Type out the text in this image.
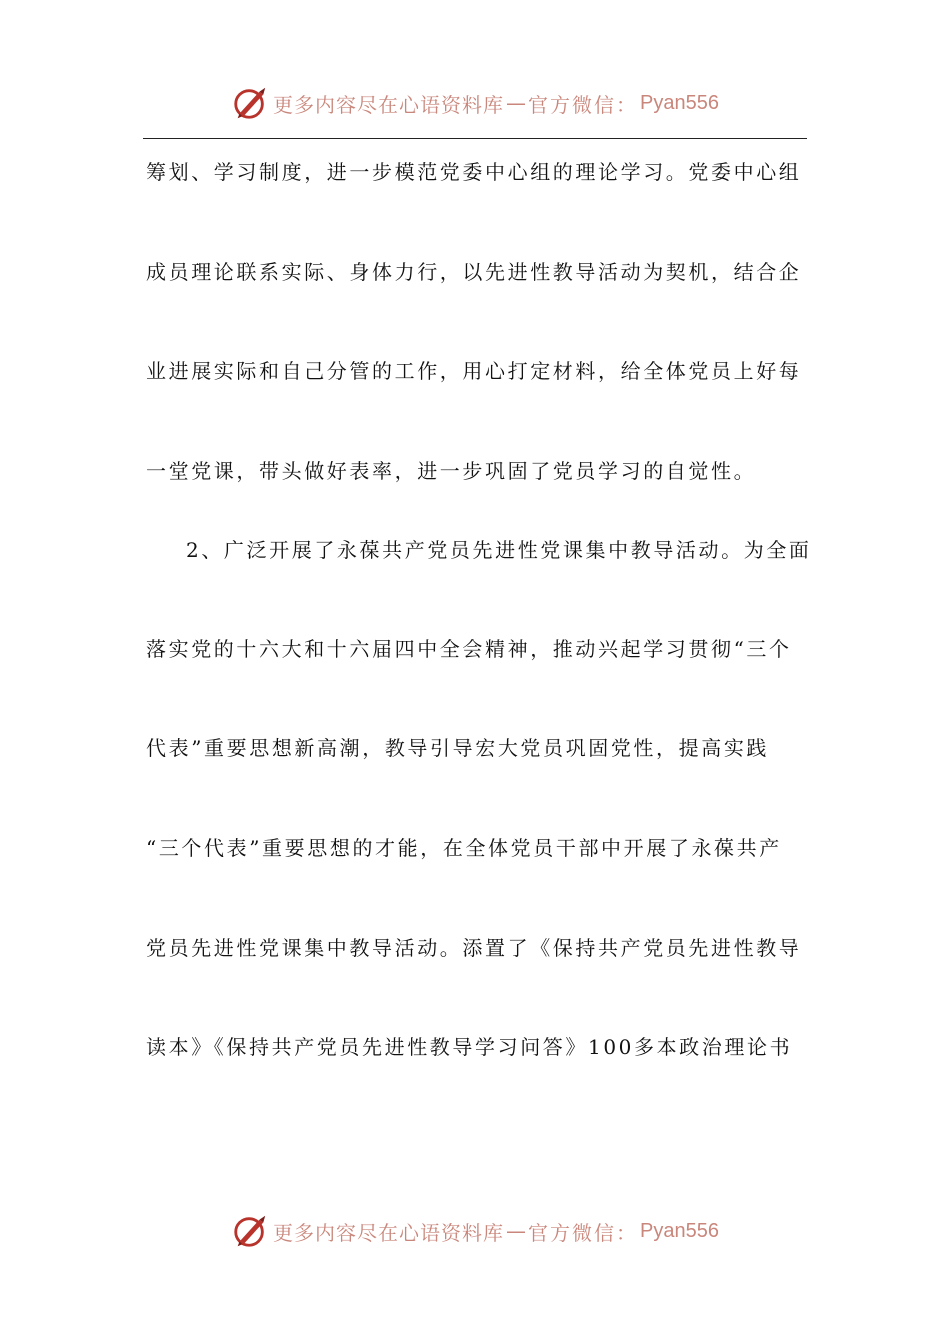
更多内容尽在心语资料库 — 官方微信： Pyan556
筹划、学习制度，进一步模范党委中心组的理论学习。党委中心组
成员理论联系实际、身体力行，以先进性教导活动为契机，结合企
业进展实际和自己分管的工作，用心打定材料，给全体党员上好每
一堂党课，带头做好表率，进一步巩固了党员学习的自觉性。
2、广泛开展了永葆共产党员先进性党课集中教导活动。为全面
落实党的十六大和十六届四中全会精神，推动兴起学习贯彻“三个
代表”重要思想新高潮，教导引导宏大党员巩固党性，提高实践
“三个代表”重要思想的才能，在全体党员干部中开展了永葆共产
党员先进性党课集中教导活动。添置了《保持共产党员先进性教导
读本》《保持共产党员先进性教导学习问答》100多本政治理论书
更多内容尽在心语资料库 — 官方微信： Pyan556
